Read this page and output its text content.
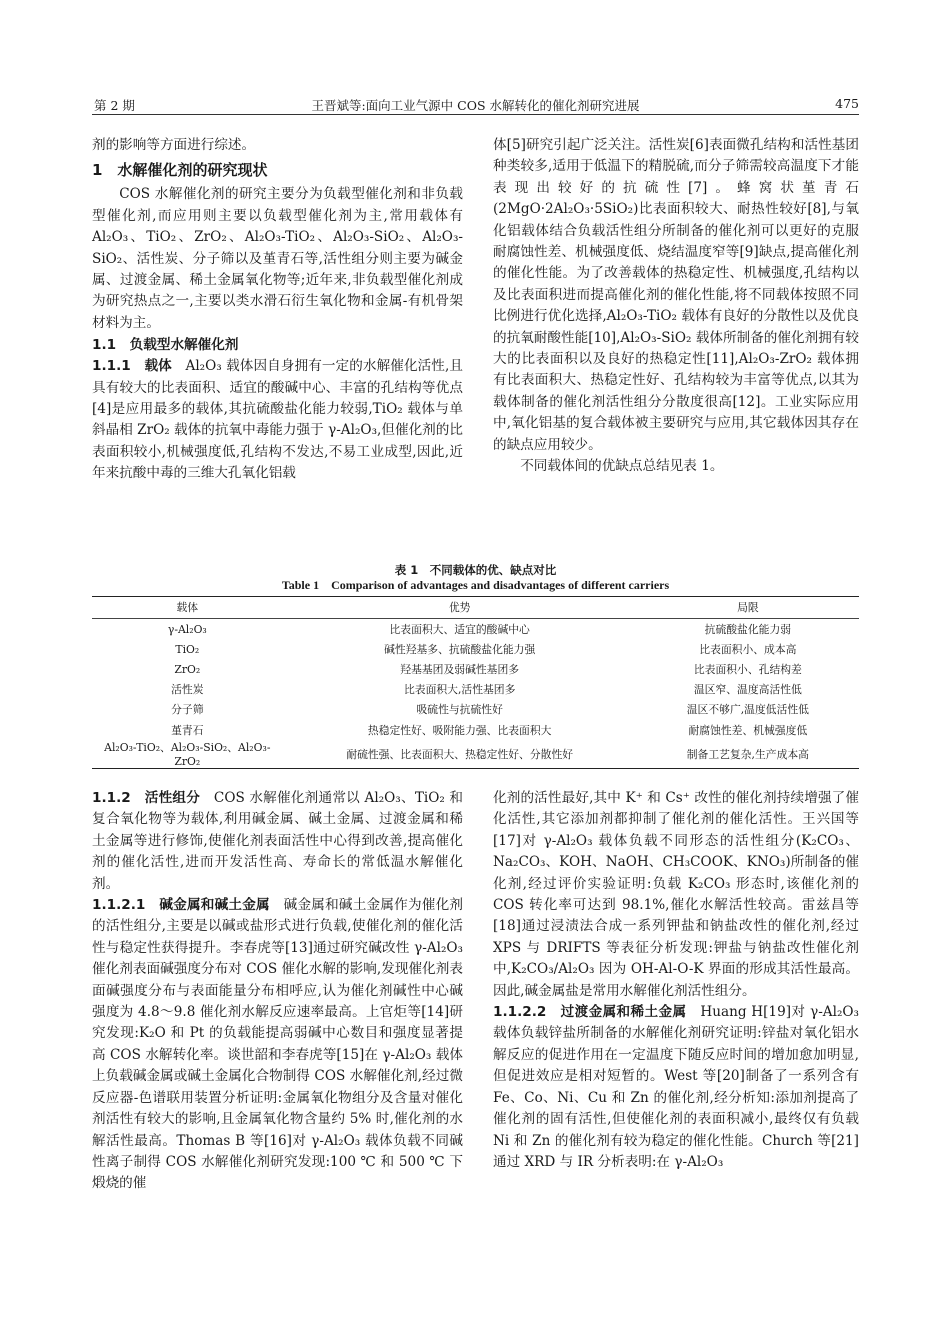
第 2 期	王晋斌等:面向工业气源中 COS 水解转化的催化剂研究进展	475

剂的影响等方面进行综述。

1　水解催化剂的研究现状

COS 水解催化剂的研究主要分为负载型催化剂和非负载型催化剂,而应用则主要以负载型催化剂为主,常用载体有 Al₂O₃、TiO₂、ZrO₂、Al₂O₃-TiO₂、Al₂O₃-SiO₂、Al₂O₃-SiO₂、活性炭、分子筛以及堇青石等,活性组分则主要为碱金属、过渡金属、稀土金属氧化物等;近年来,非负载型催化剂成为研究热点之一,主要以类水滑石衍生氧化物和金属-有机骨架材料为主。

1.1　负载型水解催化剂

1.1.1　载体　Al₂O₃ 载体因自身拥有一定的水解催化活性,且具有较大的比表面积、适宜的酸碱中心、丰富的孔结构等优点[4]是应用最多的载体,其抗硫酸盐化能力较弱,TiO₂ 载体与单斜晶相 ZrO₂ 载体的抗氧中毒能力强于 γ-Al₂O₃,但催化剂的比表面积较小,机械强度低,孔结构不发达,不易工业成型,因此,近年来抗酸中毒的三维大孔氧化铝载

体[5]研究引起广泛关注。活性炭[6]表面微孔结构和活性基团种类较多,适用于低温下的精脱硫,而分子筛需较高温度下才能表现出较好的抗硫性[7]。蜂窝状堇青石(2MgO·2Al₂O₃·5SiO₂)比表面积较大、耐热性较好[8],与氧化铝载体结合负载活性组分所制备的催化剂可以更好的克服耐腐蚀性差、机械强度低、烧结温度窄等[9]缺点,提高催化剂的催化性能。为了改善载体的热稳定性、机械强度,孔结构以及比表面积进而提高催化剂的催化性能,将不同载体按照不同比例进行优化选择,Al₂O₃-TiO₂ 载体有良好的分散性以及优良的抗氧耐酸性能[10],Al₂O₃-SiO₂ 载体所制备的催化剂拥有较大的比表面积以及良好的热稳定性[11],Al₂O₃-ZrO₂ 载体拥有比表面积大、热稳定性好、孔结构较为丰富等优点,以其为载体制备的催化剂活性组分分散度很高[12]。工业实际应用中,氧化铝基的复合载体被主要研究与应用,其它载体因其存在的缺点应用较少。

不同载体间的优缺点总结见表 1。

表 1　不同载体的优、缺点对比
Table 1　Comparison of advantages and disadvantages of different carriers
载体	优势	局限
γ-Al₂O₃	比表面积大、适宜的酸碱中心	抗硫酸盐化能力弱
TiO₂	碱性羟基多、抗硫酸盐化能力强	比表面积小、成本高
ZrO₂	羟基基团及弱碱性基团多	比表面积小、孔结构差
活性炭	比表面积大,活性基团多	温区窄、温度高活性低
分子筛	吸硫性与抗硫性好	温区不够广,温度低活性低
堇青石	热稳定性好、吸附能力强、比表面积大	耐腐蚀性差、机械强度低
Al₂O₃-TiO₂、Al₂O₃-SiO₂、Al₂O₃-ZrO₂	耐硫性强、比表面积大、热稳定性好、分散性好	制备工艺复杂,生产成本高

1.1.2　活性组分　COS 水解催化剂通常以 Al₂O₃、TiO₂ 和复合氧化物等为载体,利用碱金属、碱土金属、过渡金属和稀土金属等进行修饰,使催化剂表面活性中心得到改善,提高催化剂的催化活性,进而开发活性高、寿命长的常低温水解催化剂。

1.1.2.1　碱金属和碱土金属　碱金属和碱土金属作为催化剂的活性组分,主要是以碱或盐形式进行负载,使催化剂的催化活性与稳定性获得提升。李春虎等[13]通过研究碱改性 γ-Al₂O₃ 催化剂表面碱强度分布对 COS 催化水解的影响,发现催化剂表面碱强度分布与表面能量分布相呼应,认为催化剂碱性中心碱强度为 4.8～9.8 催化剂水解反应速率最高。上官炬等[14]研究发现:K₂O 和 Pt 的负载能提高弱碱中心数目和强度显著提高 COS 水解转化率。谈世韶和李春虎等[15]在 γ-Al₂O₃ 载体上负载碱金属或碱土金属化合物制得 COS 水解催化剂,经过微反应器-色谱联用装置分析证明:金属氧化物组分及含量对催化剂活性有较大的影响,且金属氧化物含量约 5% 时,催化剂的水解活性最高。Thomas B 等[16]对 γ-Al₂O₃ 载体负载不同碱性离子制得 COS 水解催化剂研究发现:100 ℃ 和 500 ℃ 下煅烧的催

化剂的活性最好,其中 K⁺ 和 Cs⁺ 改性的催化剂持续增强了催化活性,其它添加剂都抑制了催化剂的催化活性。王兴国等[17]对 γ-Al₂O₃ 载体负载不同形态的活性组分(K₂CO₃、Na₂CO₃、KOH、NaOH、CH₃COOK、KNO₃)所制备的催化剂,经过评价实验证明:负载 K₂CO₃ 形态时,该催化剂的 COS 转化率可达到 98.1%,催化水解活性较高。雷兹昌等[18]通过浸渍法合成一系列钾盐和钠盐改性的催化剂,经过 XPS 与 DRIFTS 等表征分析发现:钾盐与钠盐改性催化剂中,K₂CO₃/Al₂O₃ 因为 OH-Al-O-K 界面的形成其活性最高。因此,碱金属盐是常用水解催化剂活性组分。

1.1.2.2　过渡金属和稀土金属　Huang H[19]对 γ-Al₂O₃ 载体负载锌盐所制备的水解催化剂研究证明:锌盐对氧化铝水解反应的促进作用在一定温度下随反应时间的增加愈加明显,但促进效应是相对短暂的。West 等[20]制备了一系列含有 Fe、Co、Ni、Cu 和 Zn 的催化剂,经分析知:添加剂提高了催化剂的固有活性,但使催化剂的表面积减小,最终仅有负载 Ni 和 Zn 的催化剂有较为稳定的催化性能。Church 等[21]通过 XRD 与 IR 分析表明:在 γ-Al₂O₃
